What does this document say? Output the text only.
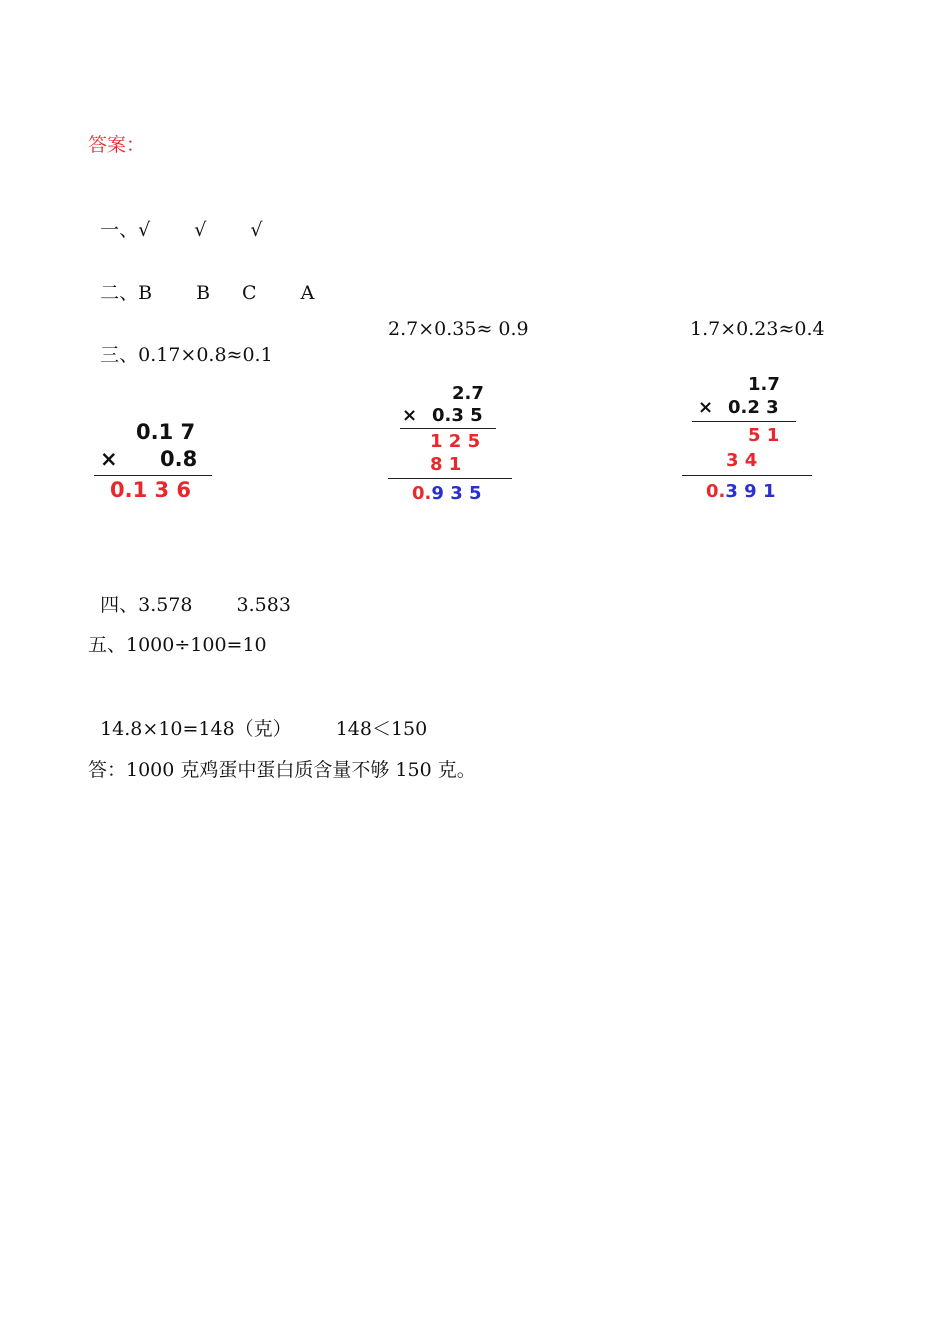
答案：

一、√ √ √

二、B B C A

三、0.17×0.8≈0.1

2.7×0.35≈ 0.9	1.7×0.23≈0.4
0.1 7
× 0.8
0.1 3 6
2.7
× 0.3 5
1 2 5
8 1
0.9 3 5
1.7
× 0.2 3
5 1
3 4
0.3 9 1

四、3.578 3.583

五、1000÷100=10

14.8×10=148（克） 148＜150

答：1000 克鸡蛋中蛋白质含量不够 150 克。
